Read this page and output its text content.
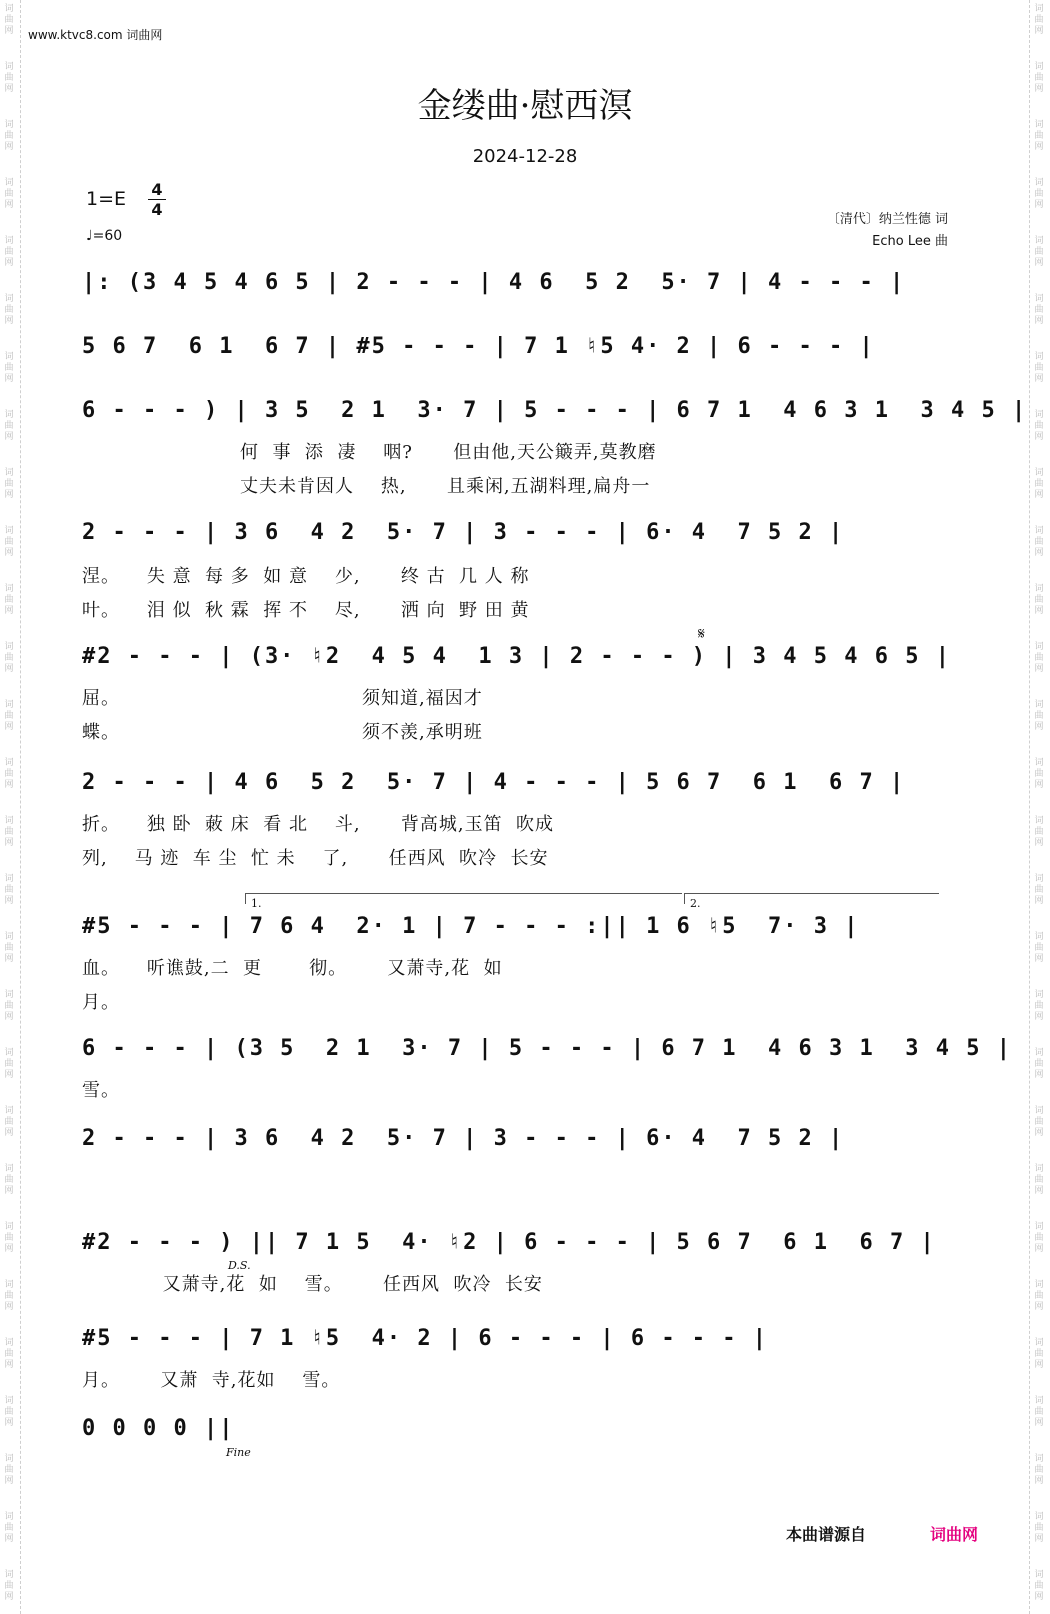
词
曲
网
词
曲
网
词
曲
网
词
曲
网
词
曲
网
词
曲
网
词
曲
网
词
曲
网
词
曲
网
词
曲
网
词
曲
网
词
曲
网
词
曲
网
词
曲
网
词
曲
网
词
曲
网
词
曲
网
词
曲
网
词
曲
网
词
曲
网
词
曲
网
词
曲
网
词
曲
网
词
曲
网
词
曲
网
词
曲
网
词
曲
网
词
曲
网
词
曲
网
词
曲
网
词
曲
网
词
曲
网
词
曲
网
词
曲
网
词
曲
网
词
曲
网
词
曲
网
词
曲
网
词
曲
网
词
曲
网
词
曲
网
词
曲
网
词
曲
网
词
曲
网
词
曲
网
词
曲
网
词
曲
网
词
曲
网
词
曲
网
词
曲
网
词
曲
网
词
曲
网
词
曲
网
词
曲
网
词
曲
网
词
曲
网
www.ktvc8.com 词曲网
金缕曲·慰西溟
2024-12-28
1=E 4
4
♩=60
〔清代〕纳兰性德 词
Echo Lee 曲
|: (3 4 5 4 6 5 | 2 - - - | 4 6  5 2  5· 7 | 4 - - - |
5 6 7  6 1  6 7 | #5 - - - | 7 1 ♮5 4· 2 | 6 - - - |
6 - - - ) | 3 5  2 1  3· 7 | 5 - - - | 6 7 1  4 6 3 1  3 4 5 |
何  事  添  凄    咽?      但由他,天公簸弄,莫教磨
丈夫未肯因人    热,      且乘闲,五湖料理,扁舟一
2 - - - | 3 6  4 2  5· 7 | 3 - - - | 6· 4  7 5 2 |
涅。    失 意  每 多  如 意    少,      终 古  几 人 称
叶。    泪 似  秋 霖  挥 不    尽,      洒 向  野 田 黄
𝄋
#2 - - - | (3· ♮2  4 5 4  1 3 | 2 - - - ) | 3 4 5 4 6 5 |
屈。                                    须知道,福因才
蝶。                                    须不羡,承明班
2 - - - | 4 6  5 2  5· 7 | 4 - - - | 5 6 7  6 1  6 7 |
折。    独 卧  蓛 床  看 北    斗,      背高城,玉笛  吹成
列,    马 迹  车 尘  忙 未    了,      任西风  吹冷  长安
1.	2.
#5 - - - | 7 6 4  2· 1 | 7 - - - :|| 1 6 ♮5  7· 3 |
血。    听谯鼓,二  更       彻。      又萧寺,花  如
月。
6 - - - | (3 5  2 1  3· 7 | 5 - - - | 6 7 1  4 6 3 1  3 4 5 |
雪。
2 - - - | 3 6  4 2  5· 7 | 3 - - - | 6· 4  7 5 2 |
#2 - - - ) || 7 1 5  4· ♮2 | 6 - - - | 5 6 7  6 1  6 7 |
D.S.
又萧寺,花  如    雪。      任西风  吹冷  长安
#5 - - - | 7 1 ♮5  4· 2 | 6 - - - | 6 - - - |
月。      又萧  寺,花如    雪。
0 0 0 0 ||
Fine
本曲谱源自	词曲网
